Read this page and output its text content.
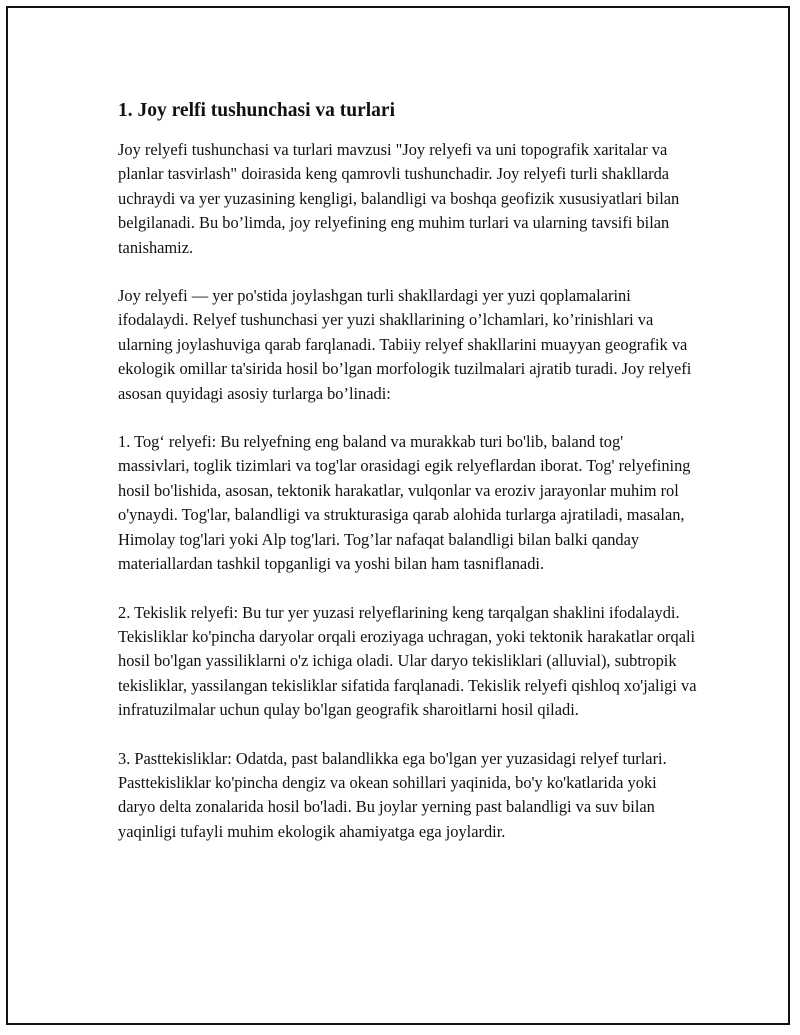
1. Joy relfi tushunchasi va turlari

Joy relyefi tushunchasi va turlari mavzusi "Joy relyefi va uni topografik xaritalar va planlar tasvirlash" doirasida keng qamrovli tushunchadir. Joy relyefi turli shakllarda uchraydi va yer yuzasining kengligi, balandligi va boshqa geofizik xususiyatlari bilan belgilanadi. Bu bo’limda, joy relyefining eng muhim turlari va ularning tavsifi bilan tanishamiz.

Joy relyefi — yer po'stida joylashgan turli shakllardagi yer yuzi qoplamalarini ifodalaydi. Relyef tushunchasi yer yuzi shakllarining o’lchamlari, ko’rinishlari va ularning joylashuviga qarab farqlanadi. Tabiiy relyef shakllarini muayyan geografik va ekologik omillar ta'sirida hosil bo’lgan morfologik tuzilmalari ajratib turadi. Joy relyefi asosan quyidagi asosiy turlarga bo’linadi:

1. Tog‘ relyefi: Bu relyefning eng baland va murakkab turi bo'lib, baland tog' massivlari, toglik tizimlari va tog'lar orasidagi egik relyeflardan iborat. Tog' relyefining hosil bo'lishida, asosan, tektonik harakatlar, vulqonlar va eroziv jarayonlar muhim rol o'ynaydi. Tog'lar, balandligi va strukturasiga qarab alohida turlarga ajratiladi, masalan, Himolay tog'lari yoki Alp tog'lari. Tog’lar nafaqat balandligi bilan balki qanday materiallardan tashkil topganligi va yoshi bilan ham tasniflanadi.

2. Tekislik relyefi: Bu tur yer yuzasi relyeflarining keng tarqalgan shaklini ifodalaydi. Tekisliklar ko'pincha daryolar orqali eroziyaga uchragan, yoki tektonik harakatlar orqali hosil bo'lgan yassiliklarni o'z ichiga oladi. Ular daryo tekisliklari (alluvial), subtropik tekisliklar, yassilangan tekisliklar sifatida farqlanadi. Tekislik relyefi qishloq xo'jaligi va infratuzilmalar uchun qulay bo'lgan geografik sharoitlarni hosil qiladi.

3. Pasttekisliklar: Odatda, past balandlikka ega bo'lgan yer yuzasidagi relyef turlari. Pasttekisliklar ko'pincha dengiz va okean sohillari yaqinida, bo'y ko'katlarida yoki daryo delta zonalarida hosil bo'ladi. Bu joylar yerning past balandligi va suv bilan yaqinligi tufayli muhim ekologik ahamiyatga ega joylardir.
